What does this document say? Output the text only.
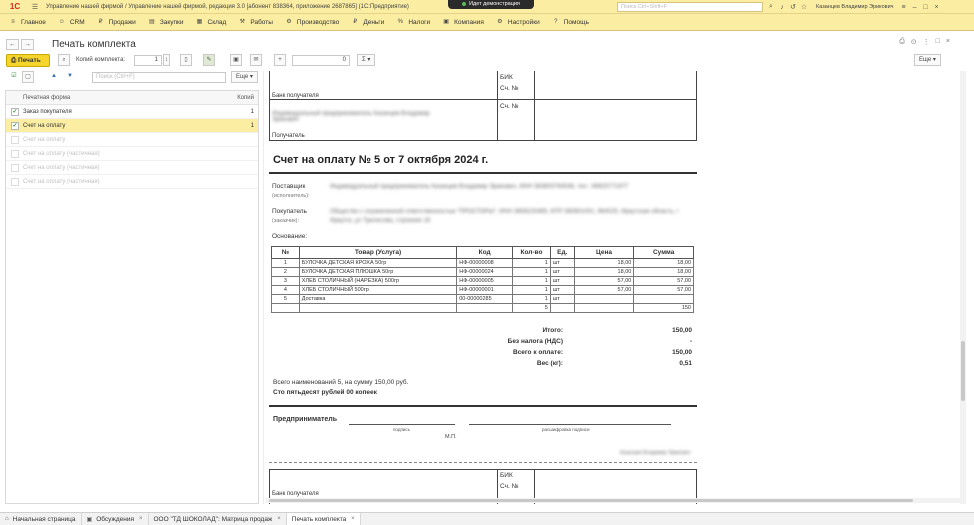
1С	☰	Управление нашей фирмой / Управление нашей фирмой, редакция 3.0 [абонент 838364, приложение 2687865] (1С:Предприятие)	Идет демонстрация	Поиск Ctrl+Shift+F	⌕	♪ ↺ ☆	Казанцев Владимир Эрикович	≡	– □ ×
≡ Главное ☺ CRM	₽ Продажи ▤ Закупки ▦ Склад ⚒ Работы ⚙ Производство	₽ Деньги % Налоги ▣ Компания ⚙ Настройки	? Помощь
←	→	Печать комплекта	⎙ ⊙ ⋮ □ ×
⎙ Печать	⌕	Копий комплекта:	1	↕	▯	✎	▣	✉	+	0	Σ ▾	Еще ▾
☑	▢	▲	▼	Поиск (Ctrl+F)	Еще ▾
Печатная форма	Копий
✓ Заказ покупателя	1
✓ Счет на оплату	1
Счет на оплату
Счет на оплату (частичная)
Счет на оплату (частичная)
Счет на оплату (частичная)
БИК
Сч. №
Банк получателя
Сч. №
Индивидуальный предприниматель Казанцев Владимир Эрикович
Получатель
Счет на оплату № 5 от 7 октября 2024 г.
Поставщик
(исполнитель):
Индивидуальный предприниматель Казанцев Владимир Эрикович, ИНН 383803764546, тел.: 89625771977
Покупатель
(заказчик):
Общество с ограниченной ответственностью "ПРОСТОРЫ", ИНН 3808225465, КПП 380801001, 664025, Иркутская область, г Иркутск, ул Трилесова, строение 18
Основание:
№	Товар (Услуга)	Код	Кол-во	Ед.	Цена	Сумма
1	БУЛОЧКА ДЕТСКАЯ КРОХА 50гр	НФ-00000008	1	шт	18,00	18,00
2	БУЛОЧКА ДЕТСКАЯ ПЛЮШКА 50гр	НФ-00000024	1	шт	18,00	18,00
3	ХЛЕБ СТОЛИЧНЫЙ (НАРЕЗКА) 500гр	НФ-00000005	1	шт	57,00	57,00
4	ХЛЕБ СТОЛИЧНЫЙ 500гр	НФ-00000001	1	шт	57,00	57,00
5	Доставка	00-00000285	1	шт		
			5			150
Итого:	150,00
Без налога (НДС)	-
Всего к оплате:	150,00
Вес (кг):	0,51
Всего наименований 5, на сумму 150,00 руб.
Сто пятьдесят рублей 00 копеек
Предприниматель
подпись	расшифровка подписи
М.П.
Казанцев Владимир Эрикович
БИК
Сч. №
Банк получателя
⌂ Начальная страница ▣ Обсуждения × ООО "ТД ШОКОЛАД": Матрица продаж × Печать комплекта ×
